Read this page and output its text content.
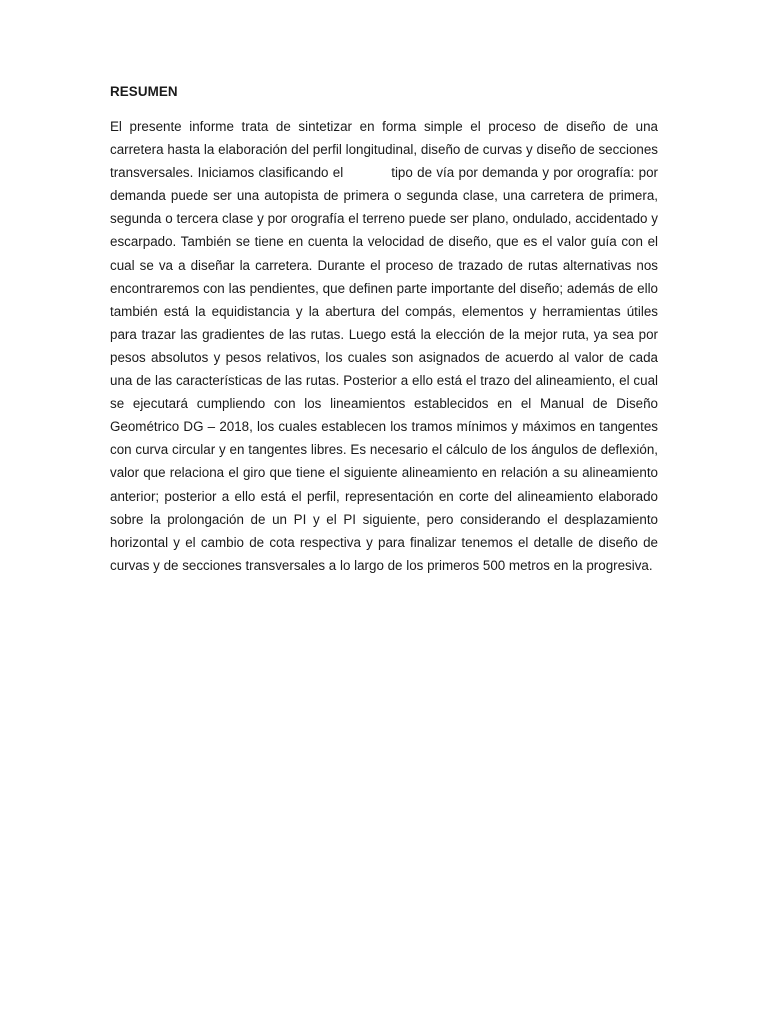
RESUMEN

El presente informe trata de sintetizar en forma simple el proceso de diseño de una carretera hasta la elaboración del perfil longitudinal, diseño de curvas y diseño de secciones transversales. Iniciamos clasificando el	tipo de vía por demanda y por orografía: por demanda puede ser una autopista de primera o segunda clase, una carretera de primera, segunda o tercera clase y por orografía el terreno puede ser plano, ondulado, accidentado y escarpado. También se tiene en cuenta la velocidad de diseño, que es el valor guía con el cual se va a diseñar la carretera. Durante el proceso de trazado de rutas alternativas nos encontraremos con las pendientes, que definen parte importante del diseño; además de ello también está la equidistancia y la abertura del compás, elementos y herramientas útiles para trazar las gradientes de las rutas. Luego está la elección de la mejor ruta, ya sea por pesos absolutos y pesos relativos, los cuales son asignados de acuerdo al valor de cada una de las características de las rutas. Posterior a ello está el trazo del alineamiento, el cual se ejecutará cumpliendo con los lineamientos establecidos en el Manual de Diseño Geométrico DG – 2018, los cuales establecen los tramos mínimos y máximos en tangentes con curva circular y en tangentes libres. Es necesario el cálculo de los ángulos de deflexión, valor que relaciona el giro que tiene el siguiente alineamiento en relación a su alineamiento anterior; posterior a ello está el perfil, representación en corte del alineamiento elaborado sobre la prolongación de un PI y el PI siguiente, pero considerando el desplazamiento horizontal y el cambio de cota respectiva y para finalizar tenemos el detalle de diseño de curvas y de secciones transversales a lo largo de los primeros 500 metros en la progresiva.
